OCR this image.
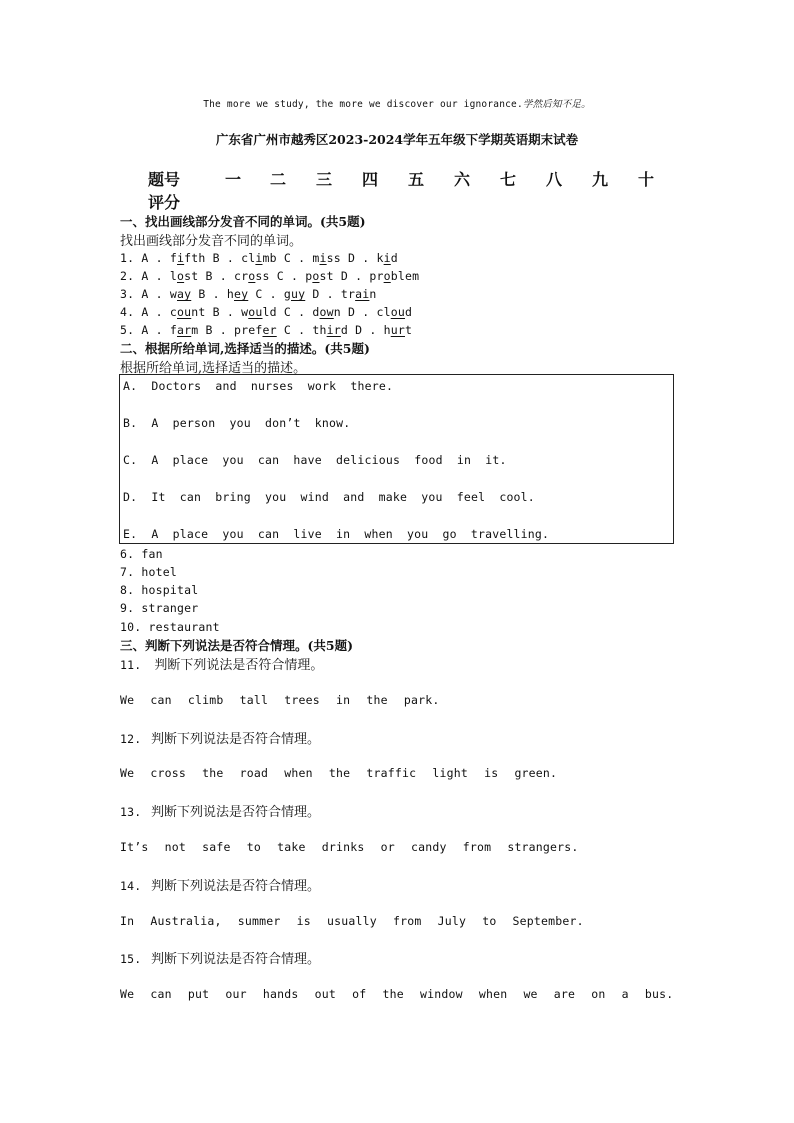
The more we study, the more we discover our ignorance.学然后知不足。
广东省广州市越秀区2023-2024学年五年级下学期英语期末试卷
题号	一 二 三 四 五 六 七 八 九 十
评分
一、找出画线部分发音不同的单词。(共5题)
找出画线部分发音不同的单词。
1. A . fifth B . climb C . miss D . kid
2. A . lost B . cross C . post D . problem
3. A . way B . hey C . guy D . train
4. A . count B . would C . down D . cloud
5. A . farm B . prefer C . third D . hurt
二、根据所给单词,选择适当的描述。(共5题)
根据所给单词,选择适当的描述。
A. Doctors and nurses work there.
B. A person you don’t know.
C. A place you can have delicious food in it.
D. It can bring you wind and make you feel cool.
E. A place you can live in when you go travelling.
6. fan
7. hotel
8. hospital
9. stranger
10. restaurant
三、判断下列说法是否符合情理。(共5题)
11. 判断下列说法是否符合情理。
We can climb tall trees in the park.
12. 判断下列说法是否符合情理。
We cross the road when the traffic light is green.
13. 判断下列说法是否符合情理。
It’s not safe to take drinks or candy from strangers.
14. 判断下列说法是否符合情理。
In Australia, summer is usually from July to September.
15. 判断下列说法是否符合情理。
We can put our hands out of the window when we are on a bus.
